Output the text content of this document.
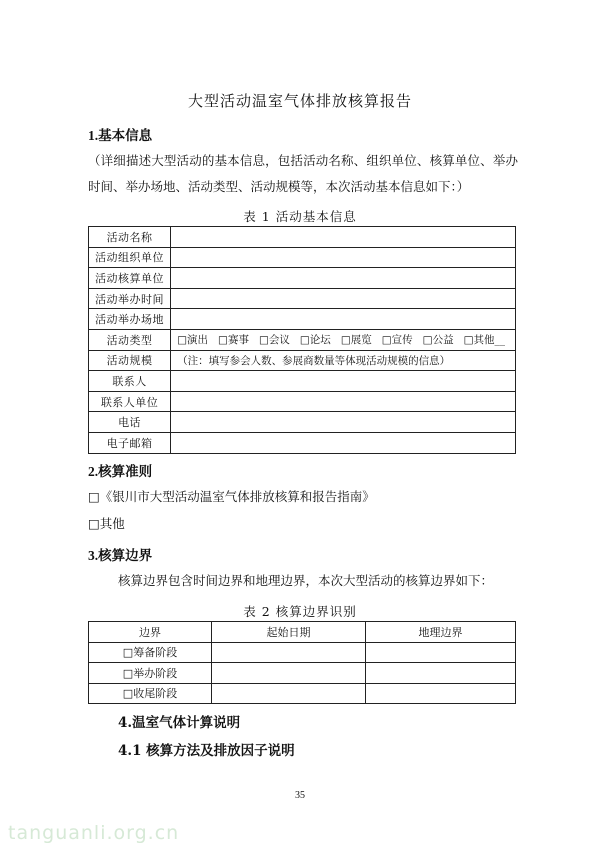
大型活动温室气体排放核算报告
1.基本信息
（详细描述大型活动的基本信息，包括活动名称、组织单位、核算单位、举办时间、举办场地、活动类型、活动规模等，本次活动基本信息如下：）
表 1 活动基本信息
活动名称	
活动组织单位	
活动核算单位	
活动举办时间	
活动举办场地	
活动类型	□演出 □赛事 □会议 □论坛 □展览 □宣传 □公益 □其他__
活动规模	（注：填写参会人数、参展商数量等体现活动规模的信息）
联系人	
联系人单位	
电话	
电子邮箱	
2.核算准则
□《银川市大型活动温室气体排放核算和报告指南》
□其他
3.核算边界
核算边界包含时间边界和地理边界，本次大型活动的核算边界如下：
表 2 核算边界识别
边界	起始日期	地理边界
□筹备阶段		
□举办阶段		
□收尾阶段		
4.温室气体计算说明
4.1 核算方法及排放因子说明
35
tanguanli.org.cn
